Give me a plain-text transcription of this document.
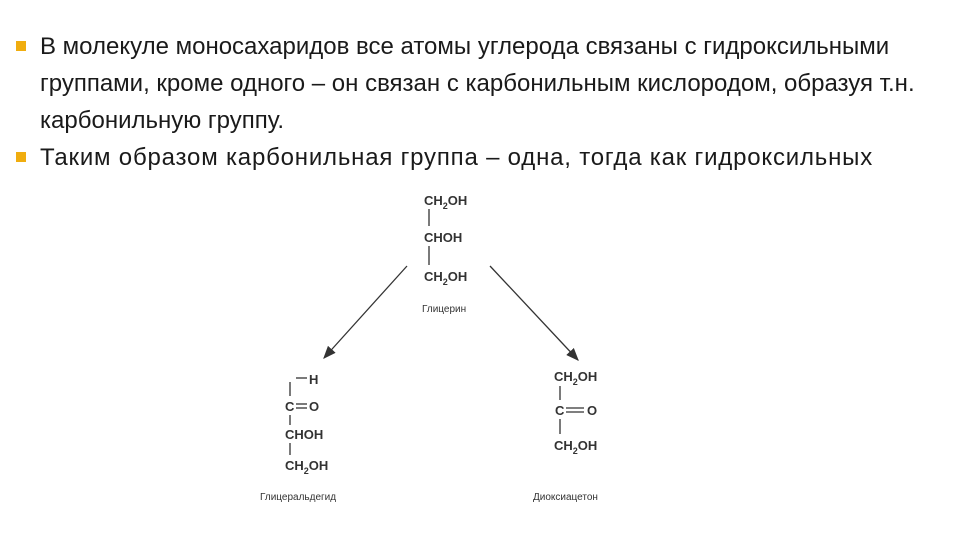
В молекуле моносахаридов все атомы углерода связаны с гидроксильными группами, кроме одного – он связан с карбонильным кислородом, образуя т.н. карбонильную группу.
Таким образом карбонильная группа – одна, тогда как гидроксильных
$CH_2OH$
CHOH
$CH_2OH$
Глицерин
H
C O
CHOH
$CH_2OH$
Глицеральдегид
$CH_2OH$
C O
$CH_2OH$
Диоксиацетон
